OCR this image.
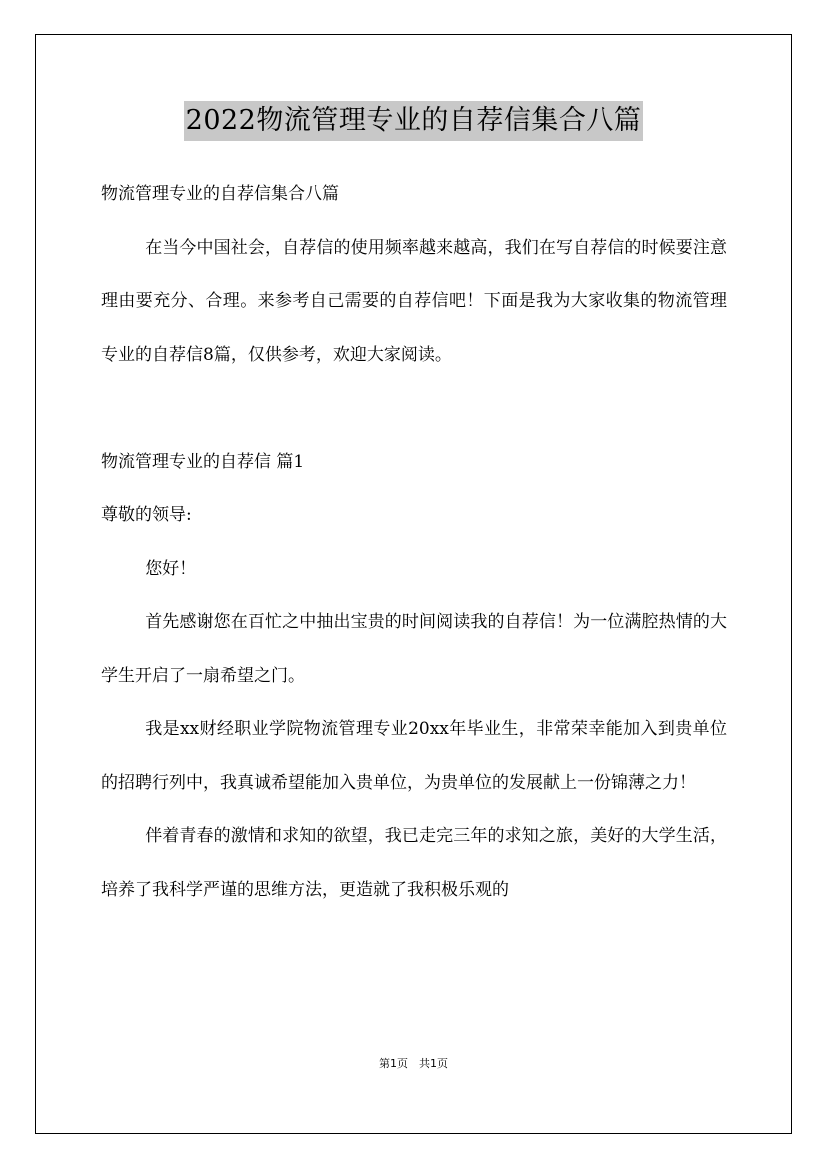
2022物流管理专业的自荐信集合八篇

物流管理专业的自荐信集合八篇

在当今中国社会，自荐信的使用频率越来越高，我们在写自荐信的时候要注意理由要充分、合理。来参考自己需要的自荐信吧！下面是我为大家收集的物流管理专业的自荐信8篇，仅供参考，欢迎大家阅读。

物流管理专业的自荐信 篇1

尊敬的领导:

您好！

首先感谢您在百忙之中抽出宝贵的时间阅读我的自荐信！为一位满腔热情的大学生开启了一扇希望之门。

我是xx财经职业学院物流管理专业20xx年毕业生，非常荣幸能加入到贵单位的招聘行列中，我真诚希望能加入贵单位，为贵单位的发展献上一份锦薄之力！

伴着青春的激情和求知的欲望，我已走完三年的求知之旅，美好的大学生活，培养了我科学严谨的思维方法，更造就了我积极乐观的

第1页　共1页
